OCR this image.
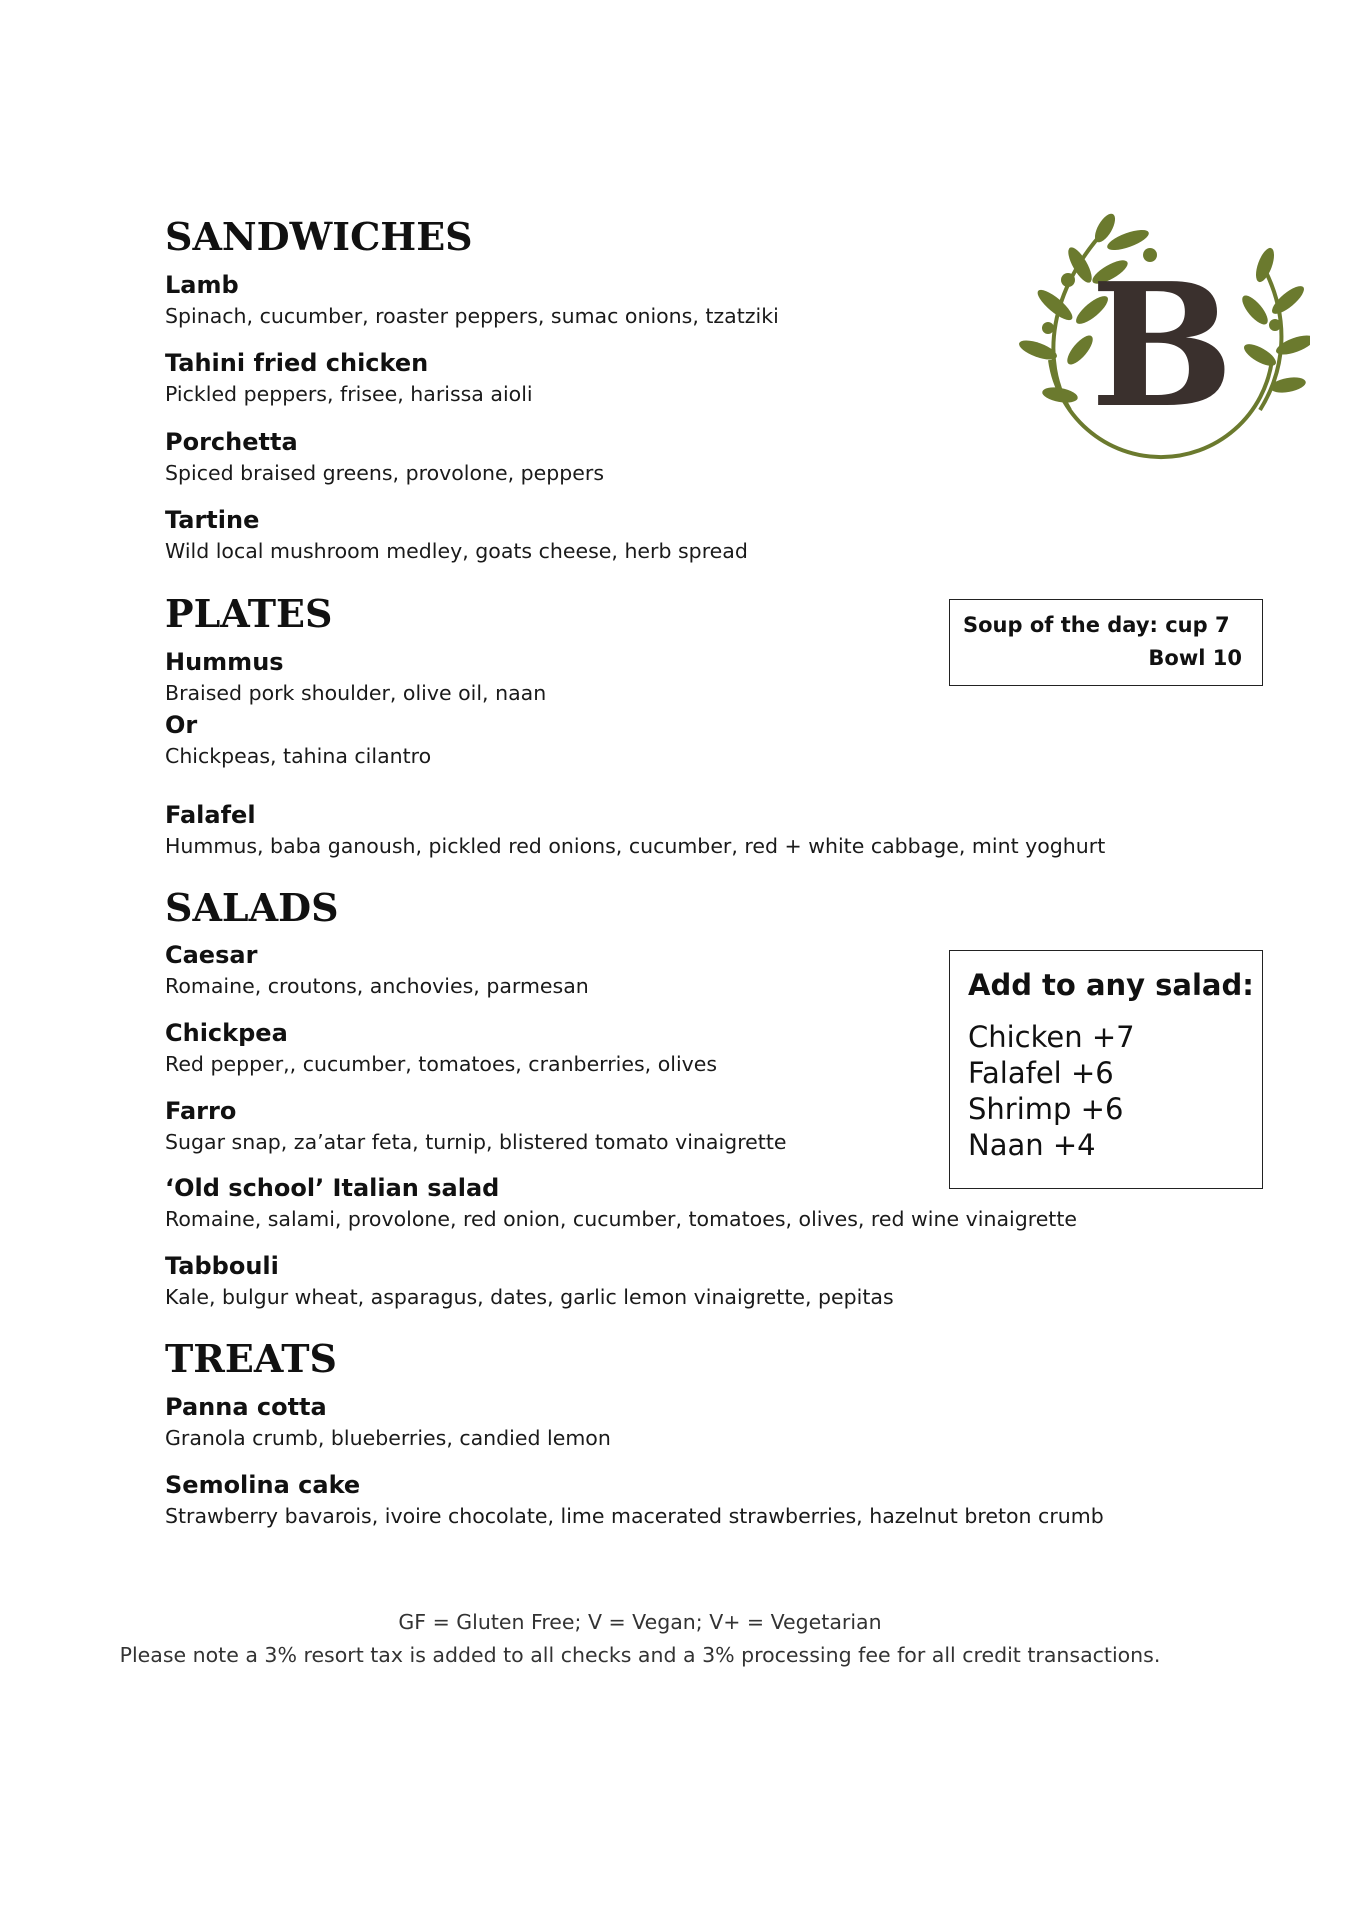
B
SANDWICHES
Lamb
Spinach, cucumber, roaster peppers, sumac onions, tzatziki
Tahini fried chicken
Pickled peppers, frisee, harissa aioli
Porchetta
Spiced braised greens, provolone, peppers
Tartine
Wild local mushroom medley, goats cheese, herb spread
PLATES
Hummus
Braised pork shoulder, olive oil, naan
Or
Chickpeas, tahina cilantro
Falafel
Hummus, baba ganoush, pickled red onions, cucumber, red + white cabbage, mint yoghurt
Soup of the day: cup 7
Bowl 10
SALADS
Caesar
Romaine, croutons, anchovies, parmesan
Chickpea
Red pepper,, cucumber, tomatoes, cranberries, olives
Farro
Sugar snap, za’atar feta, turnip, blistered tomato vinaigrette
‘Old school’ Italian salad
Romaine, salami, provolone, red onion, cucumber, tomatoes, olives, red wine vinaigrette
Tabbouli
Kale, bulgur wheat, asparagus, dates, garlic lemon vinaigrette, pepitas
Add to any salad:
Chicken +7
Falafel +6
Shrimp +6
Naan +4
TREATS
Panna cotta
Granola crumb, blueberries, candied lemon
Semolina cake
Strawberry bavarois, ivoire chocolate, lime macerated strawberries, hazelnut breton crumb
GF = Gluten Free; V = Vegan; V+ = Vegetarian
Please note a 3% resort tax is added to all checks and a 3% processing fee for all credit transactions.
